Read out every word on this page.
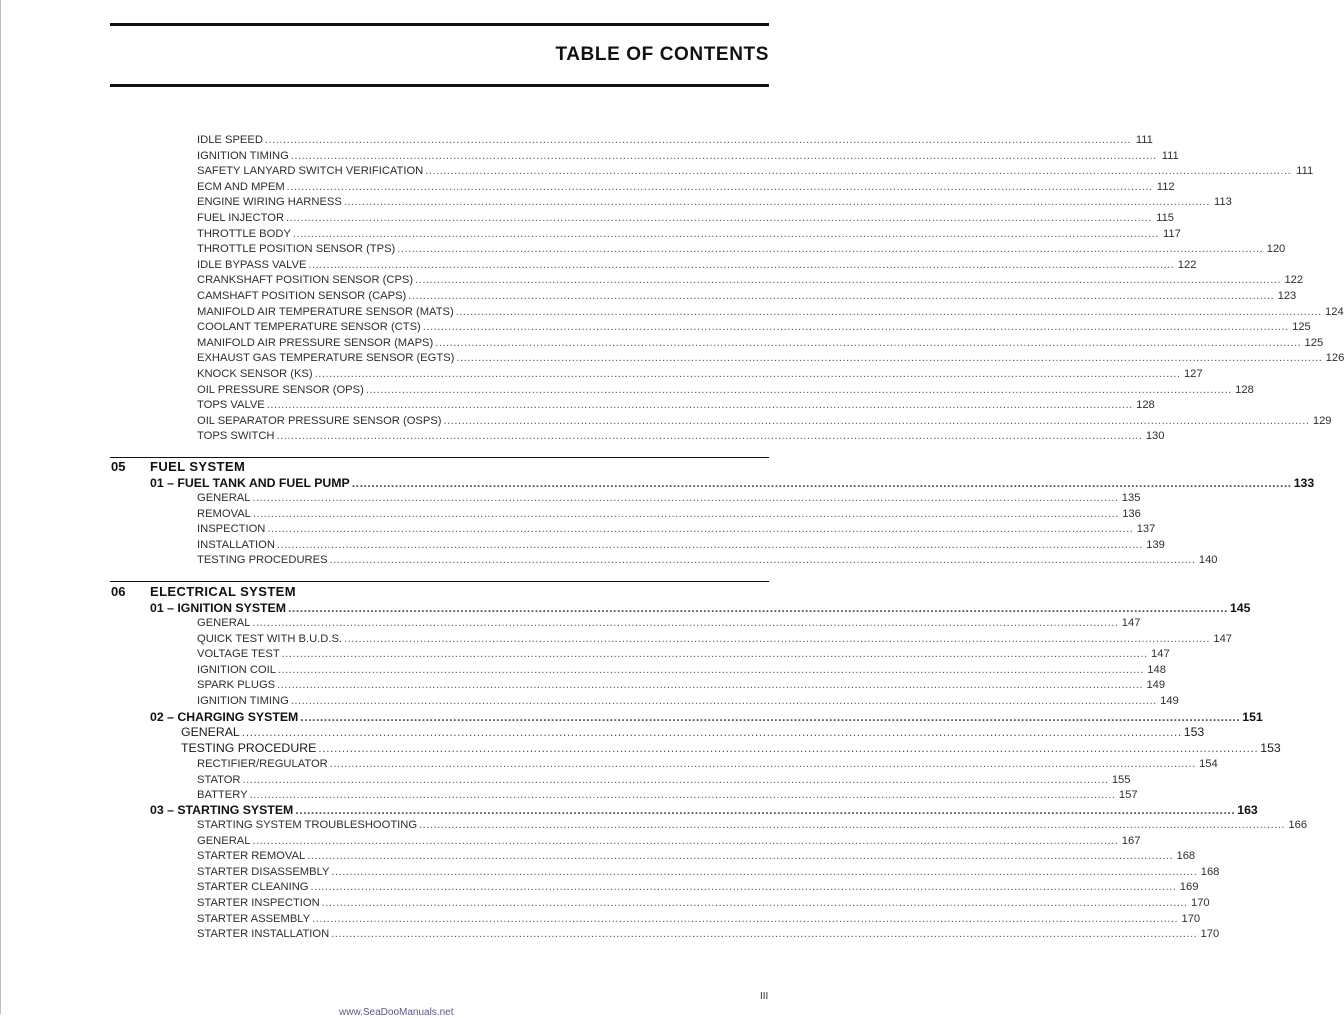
TABLE OF CONTENTS
IDLE SPEED ................................................................................................................................................................................................................................................ 111
IGNITION TIMING ................................................................................................................................................................................................................................................ 111
SAFETY LANYARD SWITCH VERIFICATION ................................................................................................................................................................................................................................................ 111
ECM AND MPEM ................................................................................................................................................................................................................................................ 112
ENGINE WIRING HARNESS ................................................................................................................................................................................................................................................ 113
FUEL INJECTOR ................................................................................................................................................................................................................................................ 115
THROTTLE BODY ................................................................................................................................................................................................................................................ 117
THROTTLE POSITION SENSOR (TPS) ................................................................................................................................................................................................................................................ 120
IDLE BYPASS VALVE ................................................................................................................................................................................................................................................ 122
CRANKSHAFT POSITION SENSOR (CPS) ................................................................................................................................................................................................................................................ 122
CAMSHAFT POSITION SENSOR (CAPS) ................................................................................................................................................................................................................................................ 123
MANIFOLD AIR TEMPERATURE SENSOR (MATS) ................................................................................................................................................................................................................................................ 124
COOLANT TEMPERATURE SENSOR (CTS) ................................................................................................................................................................................................................................................ 125
MANIFOLD AIR PRESSURE SENSOR (MAPS) ................................................................................................................................................................................................................................................ 125
EXHAUST GAS TEMPERATURE SENSOR (EGTS) ................................................................................................................................................................................................................................................ 126
KNOCK SENSOR (KS) ................................................................................................................................................................................................................................................ 127
OIL PRESSURE SENSOR (OPS) ................................................................................................................................................................................................................................................ 128
TOPS VALVE ................................................................................................................................................................................................................................................ 128
OIL SEPARATOR PRESSURE SENSOR (OSPS) ................................................................................................................................................................................................................................................ 129
TOPS SWITCH ................................................................................................................................................................................................................................................ 130
05 FUEL SYSTEM
01 – FUEL TANK AND FUEL PUMP ................................................................................................................................................................................................................................................ 133
GENERAL ................................................................................................................................................................................................................................................ 135
REMOVAL ................................................................................................................................................................................................................................................ 136
INSPECTION ................................................................................................................................................................................................................................................ 137
INSTALLATION ................................................................................................................................................................................................................................................ 139
TESTING PROCEDURES ................................................................................................................................................................................................................................................ 140
06 ELECTRICAL SYSTEM
01 – IGNITION SYSTEM ................................................................................................................................................................................................................................................ 145
GENERAL ................................................................................................................................................................................................................................................ 147
QUICK TEST WITH B.U.D.S. ................................................................................................................................................................................................................................................ 147
VOLTAGE TEST ................................................................................................................................................................................................................................................ 147
IGNITION COIL ................................................................................................................................................................................................................................................ 148
SPARK PLUGS ................................................................................................................................................................................................................................................ 149
IGNITION TIMING ................................................................................................................................................................................................................................................ 149
02 – CHARGING SYSTEM ................................................................................................................................................................................................................................................ 151
GENERAL ................................................................................................................................................................................................................................................ 153
TESTING PROCEDURE ................................................................................................................................................................................................................................................ 153
RECTIFIER/REGULATOR ................................................................................................................................................................................................................................................ 154
STATOR ................................................................................................................................................................................................................................................ 155
BATTERY ................................................................................................................................................................................................................................................ 157
03 – STARTING SYSTEM ................................................................................................................................................................................................................................................ 163
STARTING SYSTEM TROUBLESHOOTING ................................................................................................................................................................................................................................................ 166
GENERAL ................................................................................................................................................................................................................................................ 167
STARTER REMOVAL ................................................................................................................................................................................................................................................ 168
STARTER DISASSEMBLY ................................................................................................................................................................................................................................................ 168
STARTER CLEANING ................................................................................................................................................................................................................................................ 169
STARTER INSPECTION ................................................................................................................................................................................................................................................ 170
STARTER ASSEMBLY ................................................................................................................................................................................................................................................ 170
STARTER INSTALLATION ................................................................................................................................................................................................................................................ 170
III
www.SeaDooManuals.net
